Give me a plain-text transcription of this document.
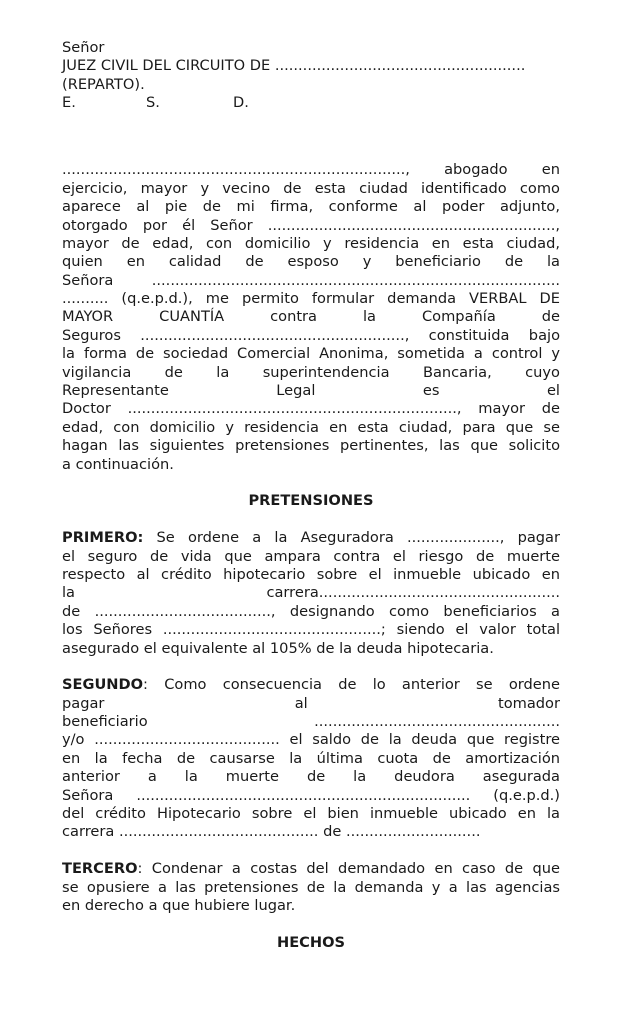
Señor
JUEZ CIVIL DEL CIRCUITO DE ......................................................
(REPARTO).
E.	S.	D.
.........................................................................., abogado en
ejercicio, mayor y vecino de esta ciudad identificado como
aparece al pie de mi firma, conforme al poder adjunto,
otorgado por él Señor ..............................................................,
mayor de edad, con domicilio y residencia en esta ciudad,
quien en calidad de esposo y beneficiario de la
Señora ........................................................................................
.......... (q.e.p.d.), me permito formular demanda VERBAL DE
MAYOR CUANTÍA contra la Compañía de
Seguros ........................................................., constituida bajo
la forma de sociedad Comercial Anonima, sometida a control y
vigilancia de la superintendencia Bancaria, cuyo
Representante Legal es el
Doctor ......................................................................., mayor de
edad, con domicilio y residencia en esta ciudad, para que se
hagan las siguientes pretensiones pertinentes, las que solicito
a continuación.
PRETENSIONES
PRIMERO: Se ordene a la Aseguradora ...................., pagar
el seguro de vida que ampara contra el riesgo de muerte
respecto al crédito hipotecario sobre el inmueble ubicado en
la carrera....................................................
de ......................................, designando como beneficiarios a
los Señores ...............................................; siendo el valor total
asegurado el equivalente al 105% de la deuda hipotecaria.
SEGUNDO: Como consecuencia de lo anterior se ordene
pagar al tomador
beneficiario .....................................................
y/o ........................................ el saldo de la deuda que registre
en la fecha de causarse la última cuota de amortización
anterior a la muerte de la deudora asegurada
Señora ........................................................................ (q.e.p.d.)
del crédito Hipotecario sobre el bien inmueble ubicado en la
carrera ........................................... de .............................
TERCERO: Condenar a costas del demandado en caso de que
se opusiere a las pretensiones de la demanda y a las agencias
en derecho a que hubiere lugar.
HECHOS
